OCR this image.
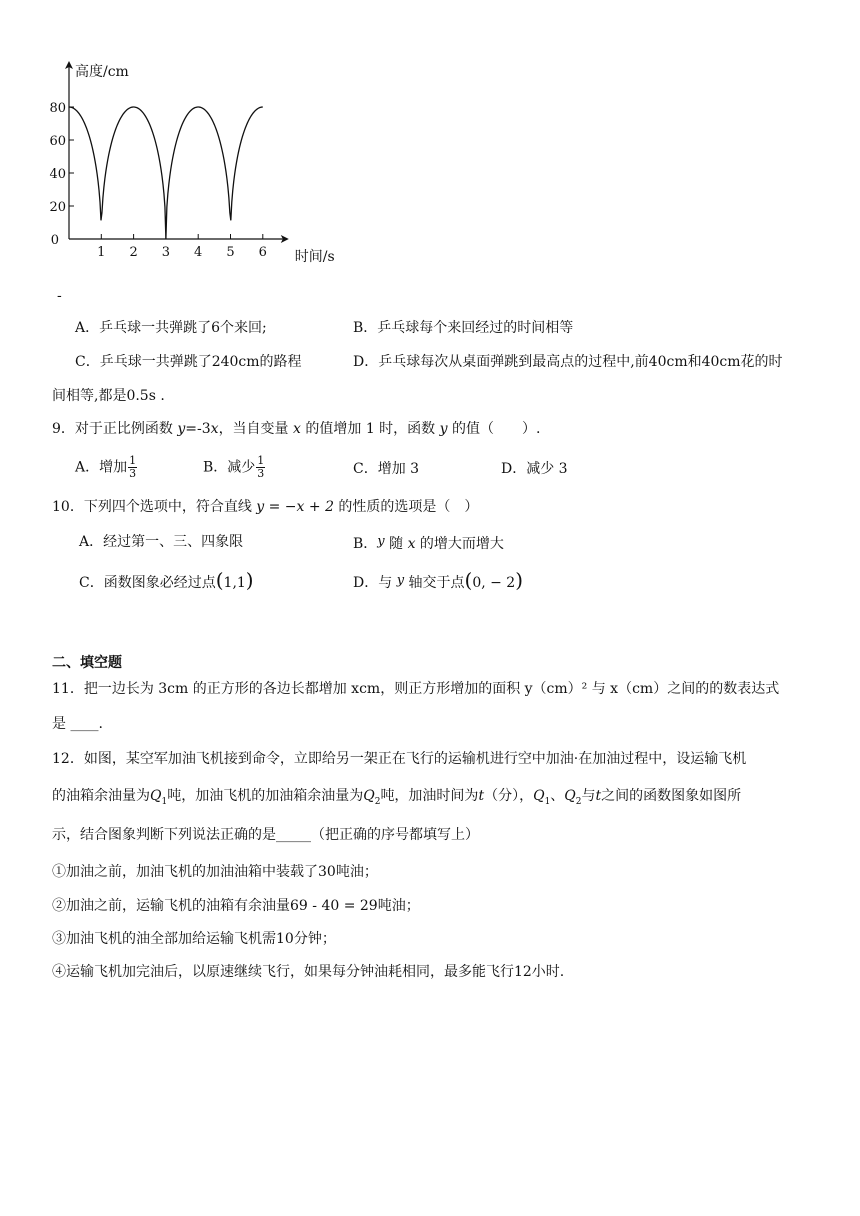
高度/cm
时间/s
0
1 2 3 4 5 6
20
40
60
80
-
A．乒乓球一共弹跳了6个来回;	B．乒乓球每个来回经过的时间相等
C．乒乓球一共弹跳了240cm的路程	D．乒乓球每次从桌面弹跳到最高点的过程中,前40cm和40cm花的时
间相等,都是0.5s .
9．对于正比例函数 y=-3x，当自变量 x 的值增加 1 时，函数 y 的值（　　）.
A．增加 $\frac{1}{3}$	B．减少 $\frac{1}{3}$	C．增加 3	D．减少 3
10．下列四个选项中，符合直线 y = −x + 2 的性质的选项是（　）
A．经过第一、三、四象限	B．y 随 x 的增大而增大
C．函数图象必经过点(1,1)	D．与 y 轴交于点(0, − 2)
二、填空题
11．把一边长为 3cm 的正方形的各边长都增加 xcm，则正方形增加的面积 y（cm）² 与 x（cm）之间的的数表达式
是 ____.
12．如图，某空军加油飞机接到命令，立即给另一架正在飞行的运输机进行空中加油·在加油过程中，设运输飞机
的油箱余油量为$Q_1$吨，加油飞机的加油箱余油量为$Q_2$吨，加油时间为t（分），$Q_1$、$Q_2$与t之间的函数图象如图所
示，结合图象判断下列说法正确的是_____（把正确的序号都填写上）
①加油之前，加油飞机的加油油箱中装载了30吨油；
②加油之前，运输飞机的油箱有余油量69 - 40 = 29吨油；
③加油飞机的油全部加给运输飞机需10分钟；
④运输飞机加完油后，以原速继续飞行，如果每分钟油耗相同，最多能飞行12小时.
